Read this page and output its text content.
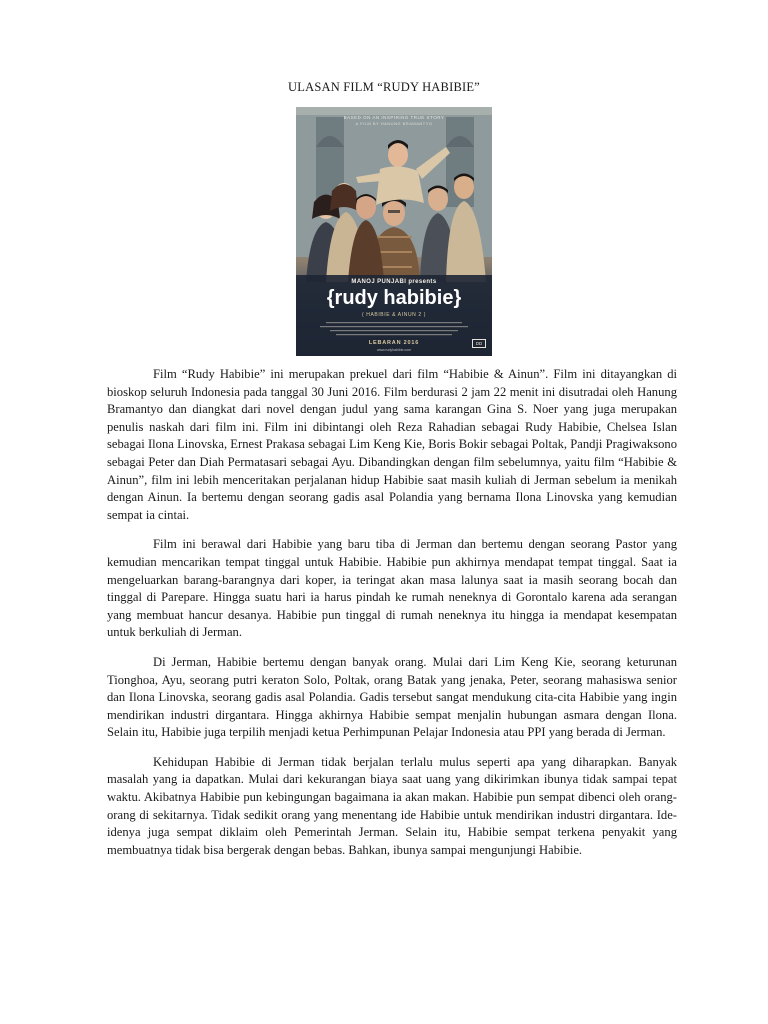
ULASAN FILM “RUDY HABIBIE”
BASED ON AN INSPIRING TRUE STORY
A FILM BY HANUNG BRAMANTYO
MANOJ PUNJABI presents
{rudy habibie}
( HABIBIE & AINUN 2 )
LEBARAN 2016
www.rudyhabibie.com
DD

Film “Rudy Habibie” ini merupakan prekuel dari film “Habibie & Ainun”. Film ini ditayangkan di bioskop seluruh Indonesia pada tanggal 30 Juni 2016. Film berdurasi 2 jam 22 menit ini disutradai oleh Hanung Bramantyo dan diangkat dari novel dengan judul yang sama karangan Gina S. Noer yang juga merupakan penulis naskah dari film ini. Film ini dibintangi oleh Reza Rahadian sebagai Rudy Habibie, Chelsea Islan sebagai Ilona Linovska, Ernest Prakasa sebagai Lim Keng Kie, Boris Bokir sebagai Poltak, Pandji Pragiwaksono sebagai Peter dan Diah Permatasari sebagai Ayu. Dibandingkan dengan film sebelumnya, yaitu film “Habibie & Ainun”, film ini lebih menceritakan perjalanan hidup Habibie saat masih kuliah di Jerman sebelum ia menikah dengan Ainun. Ia bertemu dengan seorang gadis asal Polandia yang bernama Ilona Linovska yang kemudian sempat ia cintai.

Film ini berawal dari Habibie yang baru tiba di Jerman dan bertemu dengan seorang Pastor yang kemudian mencarikan tempat tinggal untuk Habibie. Habibie pun akhirnya mendapat tempat tinggal. Saat ia mengeluarkan barang-barangnya dari koper, ia teringat akan masa lalunya saat ia masih seorang bocah dan tinggal di Parepare. Hingga suatu hari ia harus pindah ke rumah neneknya di Gorontalo karena ada serangan yang membuat hancur desanya. Habibie pun tinggal di rumah neneknya itu hingga ia mendapat kesempatan untuk berkuliah di Jerman.

Di Jerman, Habibie bertemu dengan banyak orang. Mulai dari Lim Keng Kie, seorang keturunan Tionghoa, Ayu, seorang putri keraton Solo, Poltak, orang Batak yang jenaka, Peter, seorang mahasiswa senior dan Ilona Linovska, seorang gadis asal Polandia. Gadis tersebut sangat mendukung cita-cita Habibie yang ingin mendirikan industri dirgantara. Hingga akhirnya Habibie sempat menjalin hubungan asmara dengan Ilona. Selain itu, Habibie juga terpilih menjadi ketua Perhimpunan Pelajar Indonesia atau PPI yang berada di Jerman.

Kehidupan Habibie di Jerman tidak berjalan terlalu mulus seperti apa yang diharapkan. Banyak masalah yang ia dapatkan. Mulai dari kekurangan biaya saat uang yang dikirimkan ibunya tidak sampai tepat waktu. Akibatnya Habibie pun kebingungan bagaimana ia akan makan. Habibie pun sempat dibenci oleh orang-orang di sekitarnya. Tidak sedikit orang yang menentang ide Habibie untuk mendirikan industri dirgantara. Ide-idenya juga sempat diklaim oleh Pemerintah Jerman. Selain itu, Habibie sempat terkena penyakit yang membuatnya tidak bisa bergerak dengan bebas. Bahkan, ibunya sampai mengunjungi Habibie.
